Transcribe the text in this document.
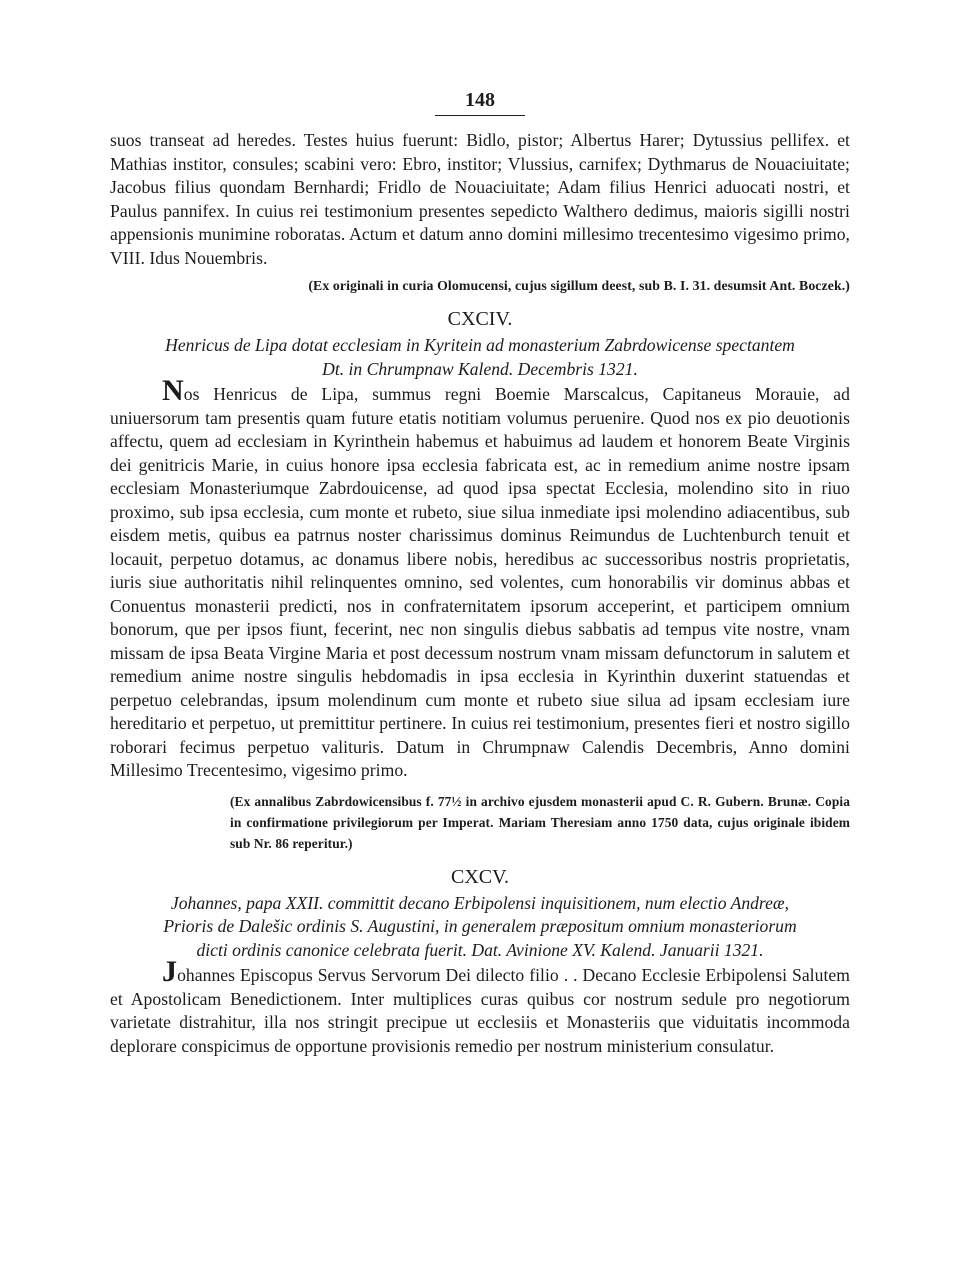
148

suos transeat ad heredes. Testes huius fuerunt: Bidlo, pistor; Albertus Harer; Dytussius pellifex. et Mathias institor, consules; scabini vero: Ebro, institor; Vlussius, carnifex; Dythmarus de Nouaciuitate; Jacobus filius quondam Bernhardi; Fridlo de Nouaciuitate; Adam filius Henrici aduocati nostri, et Paulus pannifex. In cuius rei testimonium presentes sepedicto Walthero dedimus, maioris sigilli nostri appensionis munimine roboratas. Actum et datum anno domini millesimo trecentesimo vigesimo primo, VIII. Idus Nouembris.

(Ex originali in curia Olomucensi, cujus sigillum deest, sub B. I. 31. desumsit Ant. Boczek.)
CXCIV.
Henricus de Lipa dotat ecclesiam in Kyritein ad monasterium Zabrdowicense spectantem
Dt. in Chrumpnaw Kalend. Decembris 1321.

Nos Henricus de Lipa, summus regni Boemie Marscalcus, Capitaneus Morauie, ad uniuersorum tam presentis quam future etatis notitiam volumus peruenire. Quod nos ex pio deuotionis affectu, quem ad ecclesiam in Kyrinthein habemus et habuimus ad laudem et honorem Beate Virginis dei genitricis Marie, in cuius honore ipsa ecclesia fabricata est, ac in remedium anime nostre ipsam ecclesiam Monasteriumque Zabrdouicense, ad quod ipsa spectat Ecclesia, molendino sito in riuo proximo, sub ipsa ecclesia, cum monte et rubeto, siue silua inmediate ipsi molendino adiacentibus, sub eisdem metis, quibus ea patrnus noster charissimus dominus Reimundus de Luchtenburch tenuit et locauit, perpetuo dotamus, ac donamus libere nobis, heredibus ac successoribus nostris proprietatis, iuris siue authoritatis nihil relinquentes omnino, sed volentes, cum honorabilis vir dominus abbas et Conuentus monasterii predicti, nos in confraternitatem ipsorum acceperint, et participem omnium bonorum, que per ipsos fiunt, fecerint, nec non singulis diebus sabbatis ad tempus vite nostre, vnam missam de ipsa Beata Virgine Maria et post decessum nostrum vnam missam defunctorum in salutem et remedium anime nostre singulis hebdomadis in ipsa ecclesia in Kyrinthin duxerint statuendas et perpetuo celebrandas, ipsum molendinum cum monte et rubeto siue silua ad ipsam ecclesiam iure hereditario et perpetuo, ut premittitur pertinere. In cuius rei testimonium, presentes fieri et nostro sigillo roborari fecimus perpetuo valituris. Datum in Chrumpnaw Calendis Decembris, Anno domini Millesimo Trecentesimo, vigesimo primo.

(Ex annalibus Zabrdowicensibus f. 77½ in archivo ejusdem monasterii apud C. R. Gubern. Brunæ. Copia in confirmatione privilegiorum per Imperat. Mariam Theresiam anno 1750 data, cujus originale ibidem sub Nr. 86 reperitur.)
CXCV.
Johannes, papa XXII. committit decano Erbipolensi inquisitionem, num electio Andreæ,
Prioris de Dalešic ordinis S. Augustini, in generalem præpositum omnium monasteriorum
dicti ordinis canonice celebrata fuerit. Dat. Avinione XV. Kalend. Januarii 1321.

Johannes Episcopus Servus Servorum Dei dilecto filio . . Decano Ecclesie Erbipolensi Salutem et Apostolicam Benedictionem. Inter multiplices curas quibus cor nostrum sedule pro negotiorum varietate distrahitur, illa nos stringit precipue ut ecclesiis et Monasteriis que viduitatis incommoda deplorare conspicimus de opportune provisionis remedio per nostrum ministerium consulatur.
